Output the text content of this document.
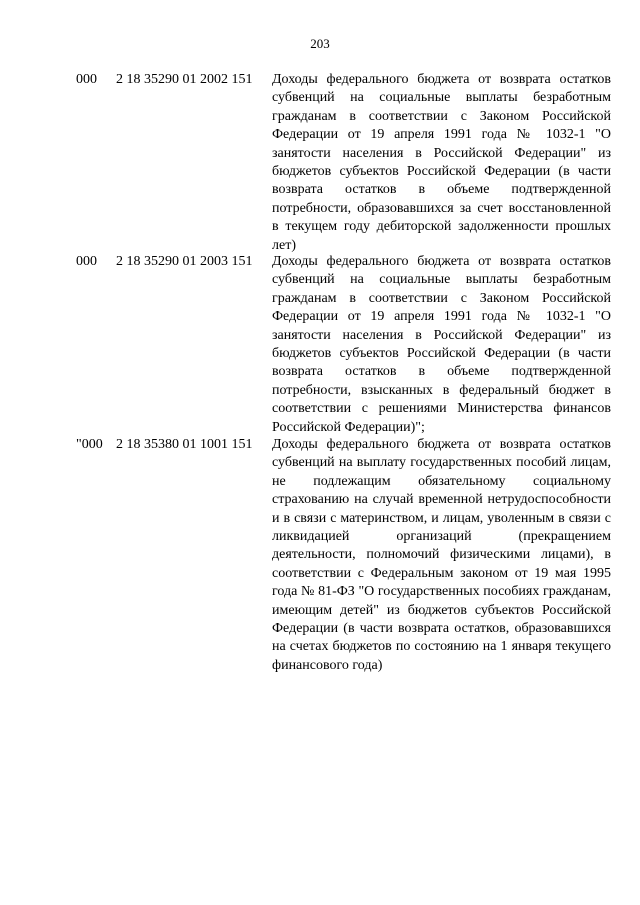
203
000 2 18 35290 01 2002 151 Доходы федерального бюджета от возврата остатков субвенций на социальные выплаты безработным гражданам в соответствии с Законом Российской Федерации от 19 апреля 1991 года № 1032-1 "О занятости населения в Российской Федерации" из бюджетов субъектов Российской Федерации (в части возврата остатков в объеме подтвержденной потребности, образовавшихся за счет восстановленной в текущем году дебиторской задолженности прошлых лет)
000 2 18 35290 01 2003 151 Доходы федерального бюджета от возврата остатков субвенций на социальные выплаты безработным гражданам в соответствии с Законом Российской Федерации от 19 апреля 1991 года № 1032-1 "О занятости населения в Российской Федерации" из бюджетов субъектов Российской Федерации (в части возврата остатков в объеме подтвержденной потребности, взысканных в федеральный бюджет в соответствии с решениями Министерства финансов Российской Федерации)";
"000 2 18 35380 01 1001 151 Доходы федерального бюджета от возврата остатков субвенций на выплату государственных пособий лицам, не подлежащим обязательному социальному страхованию на случай временной нетрудоспособности и в связи с материнством, и лицам, уволенным в связи с ликвидацией организаций (прекращением деятельности, полномочий физическими лицами), в соответствии с Федеральным законом от 19 мая 1995 года № 81-ФЗ "О государственных пособиях гражданам, имеющим детей" из бюджетов субъектов Российской Федерации (в части возврата остатков, образовавшихся на счетах бюджетов по состоянию на 1 января текущего финансового года)
